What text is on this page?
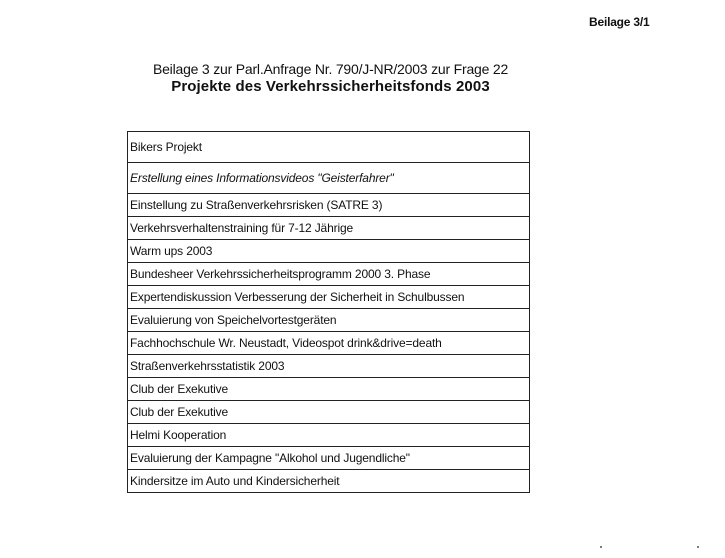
Beilage 3/1
Beilage 3 zur Parl.Anfrage Nr. 790/J-NR/2003 zur Frage 22
Projekte des Verkehrssicherheitsfonds 2003
Bikers Projekt
Erstellung eines Informationsvideos "Geisterfahrer"
Einstellung zu Straßenverkehrsrisken (SATRE 3)
Verkehrsverhaltenstraining für 7-12 Jährige
Warm ups 2003
Bundesheer Verkehrssicherheitsprogramm 2000 3. Phase
Expertendiskussion Verbesserung der Sicherheit in Schulbussen
Evaluierung von Speichelvortestgeräten
Fachhochschule Wr. Neustadt, Videospot drink&drive=death
Straßenverkehrsstatistik 2003
Club der Exekutive
Club der Exekutive
Helmi Kooperation
Evaluierung der Kampagne "Alkohol und Jugendliche"
Kindersitze im Auto und Kindersicherheit
